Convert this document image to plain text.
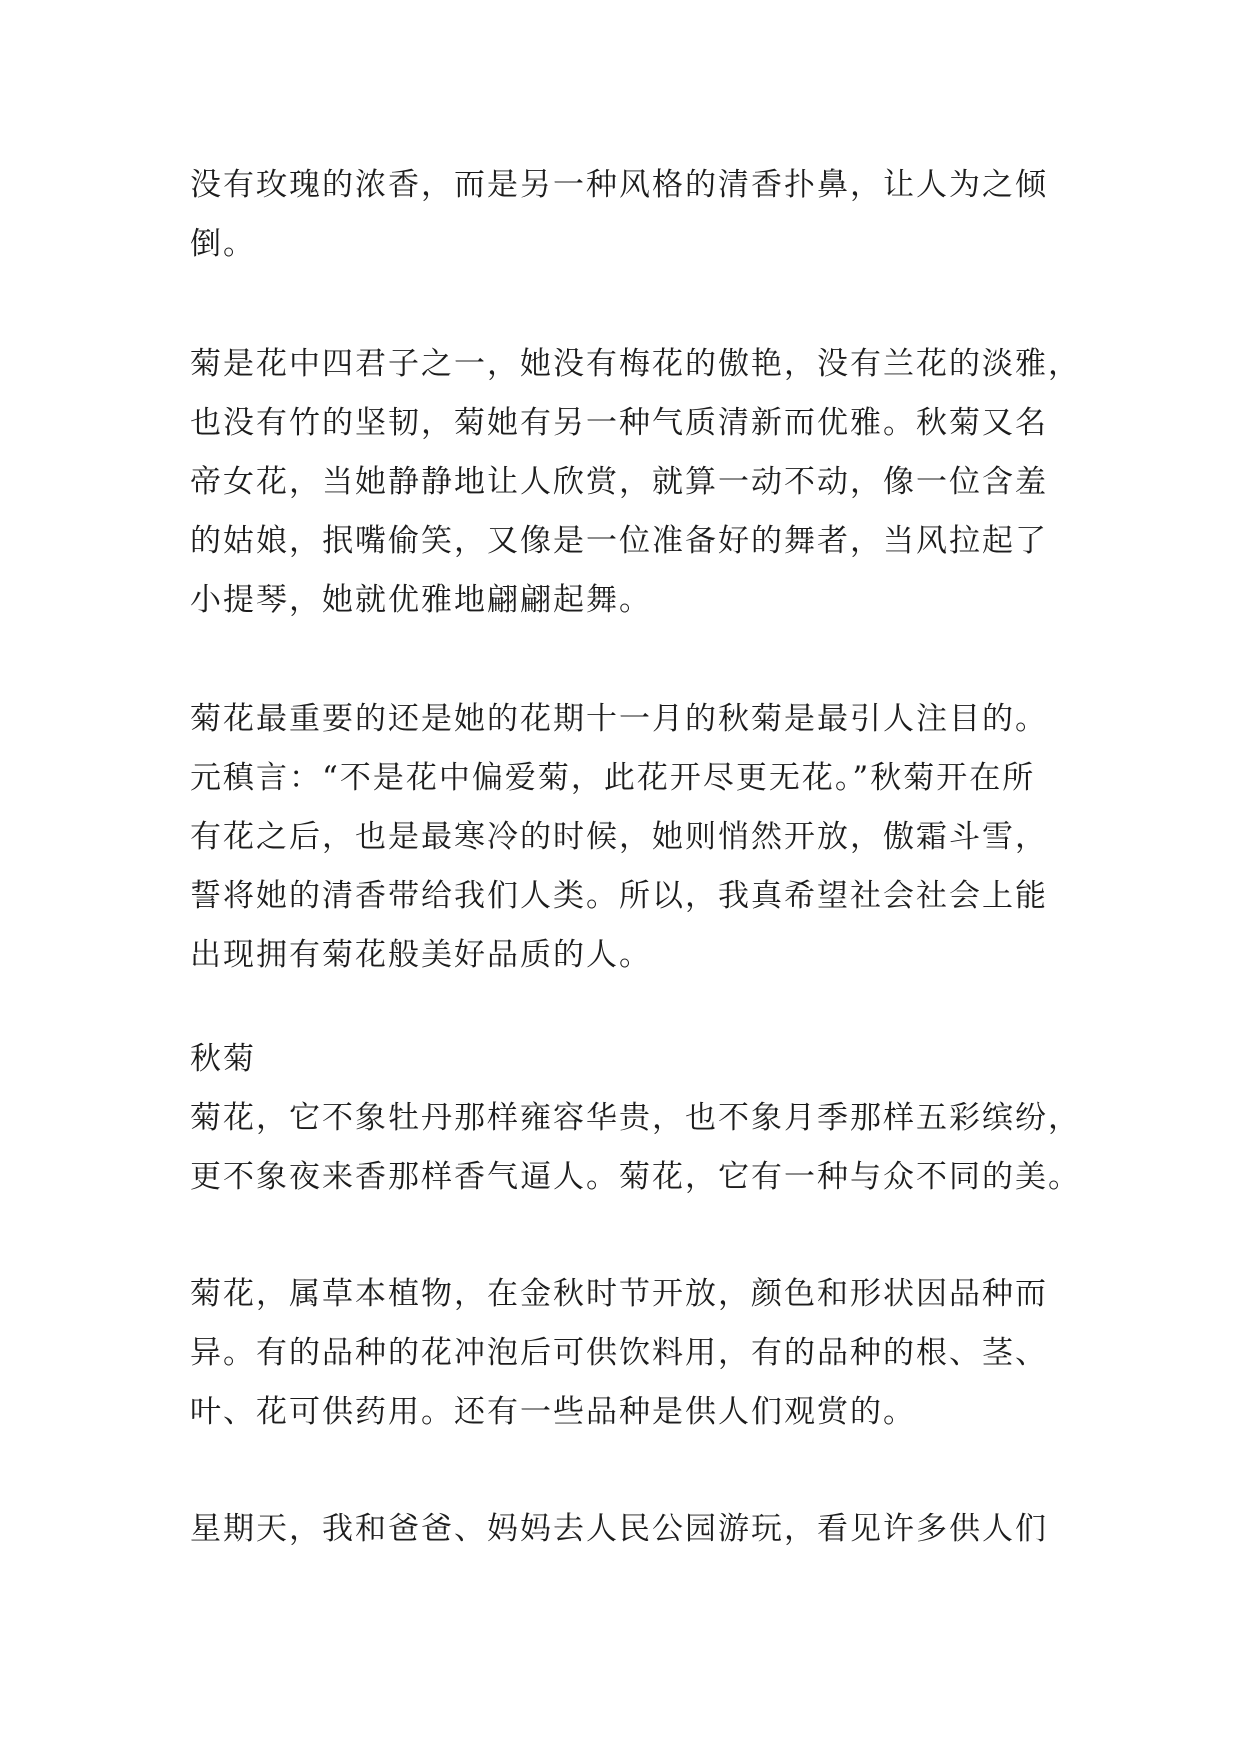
没有玫瑰的浓香，而是另一种风格的清香扑鼻，让人为之倾
倒。

菊是花中四君子之一，她没有梅花的傲艳，没有兰花的淡雅，
也没有竹的坚韧，菊她有另一种气质清新而优雅。秋菊又名
帝女花，当她静静地让人欣赏，就算一动不动，像一位含羞
的姑娘，抿嘴偷笑，又像是一位准备好的舞者，当风拉起了
小提琴，她就优雅地翩翩起舞。

菊花最重要的还是她的花期十一月的秋菊是最引人注目的。
元稹言：“不是花中偏爱菊，此花开尽更无花。”秋菊开在所
有花之后，也是最寒冷的时候，她则悄然开放，傲霜斗雪，
誓将她的清香带给我们人类。所以，我真希望社会社会上能
出现拥有菊花般美好品质的人。

秋菊
菊花，它不象牡丹那样雍容华贵，也不象月季那样五彩缤纷，
更不象夜来香那样香气逼人。菊花，它有一种与众不同的美。

菊花，属草本植物，在金秋时节开放，颜色和形状因品种而
异。有的品种的花冲泡后可供饮料用，有的品种的根、茎、
叶、花可供药用。还有一些品种是供人们观赏的。

星期天，我和爸爸、妈妈去人民公园游玩，看见许多供人们
